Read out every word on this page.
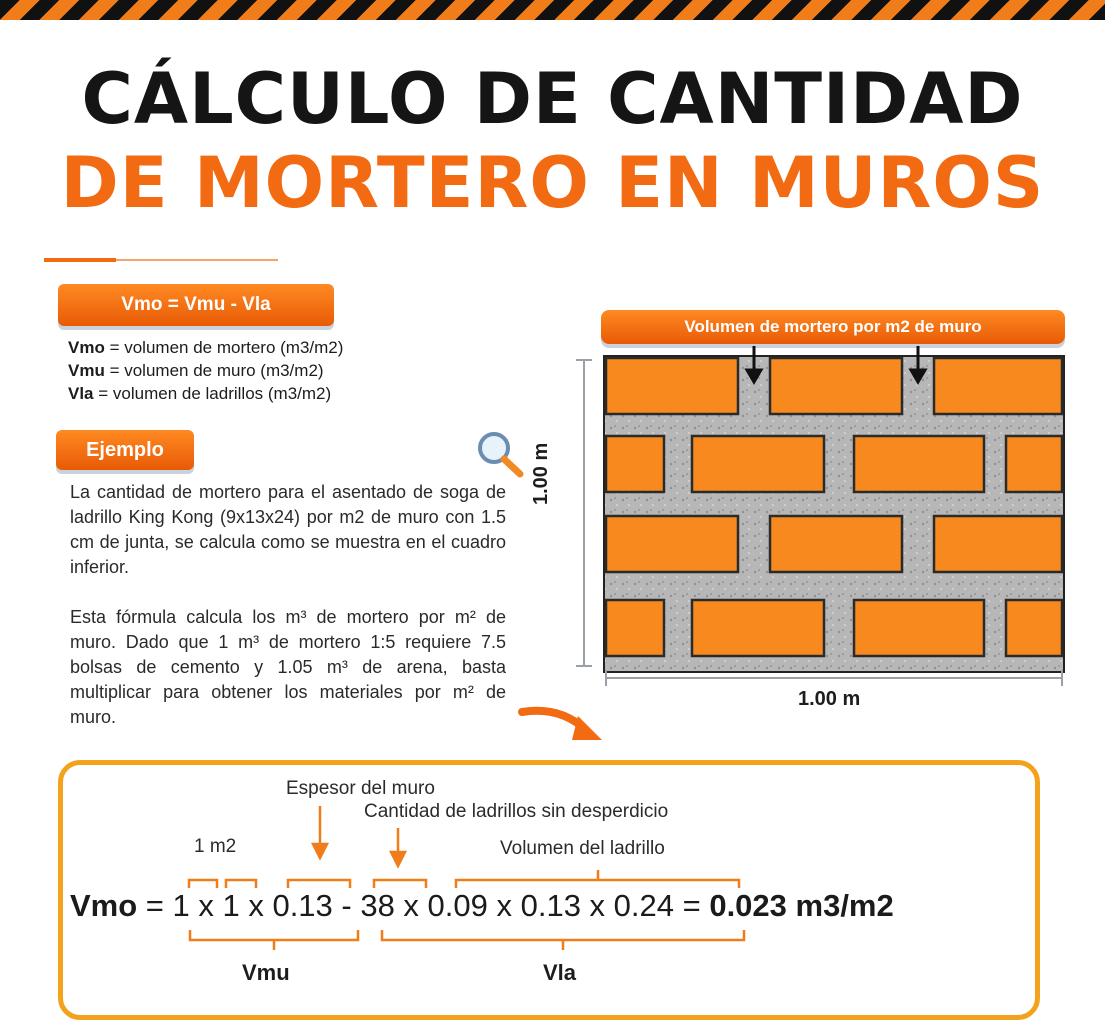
CÁLCULO DE CANTIDAD
DE MORTERO EN MUROS
Vmo = Vmu - Vla
Vmo = volumen de mortero (m3/m2)
Vmu = volumen de muro (m3/m2)
Vla = volumen de ladrillos (m3/m2)
Ejemplo
La cantidad de mortero para el asentado de soga de ladrillo King Kong (9x13x24) por m2 de muro con 1.5 cm de junta, se calcula como se muestra en el cuadro inferior.
Esta fórmula calcula los m³ de mortero por m² de muro. Dado que 1 m³ de mortero 1:5 requiere 7.5 bolsas de cemento y 1.05 m³ de arena, basta multiplicar para obtener los materiales por m² de muro.
Volumen de mortero por m2 de muro
1.00 m
1.00 m
Espesor del muro
Cantidad de ladrillos sin desperdicio
1 m2	Volumen del ladrillo
Vmo = 1 x 1 x 0.13 - 38 x 0.09 x 0.13 x 0.24 = 0.023 m3/m2
Vmu	Vla
